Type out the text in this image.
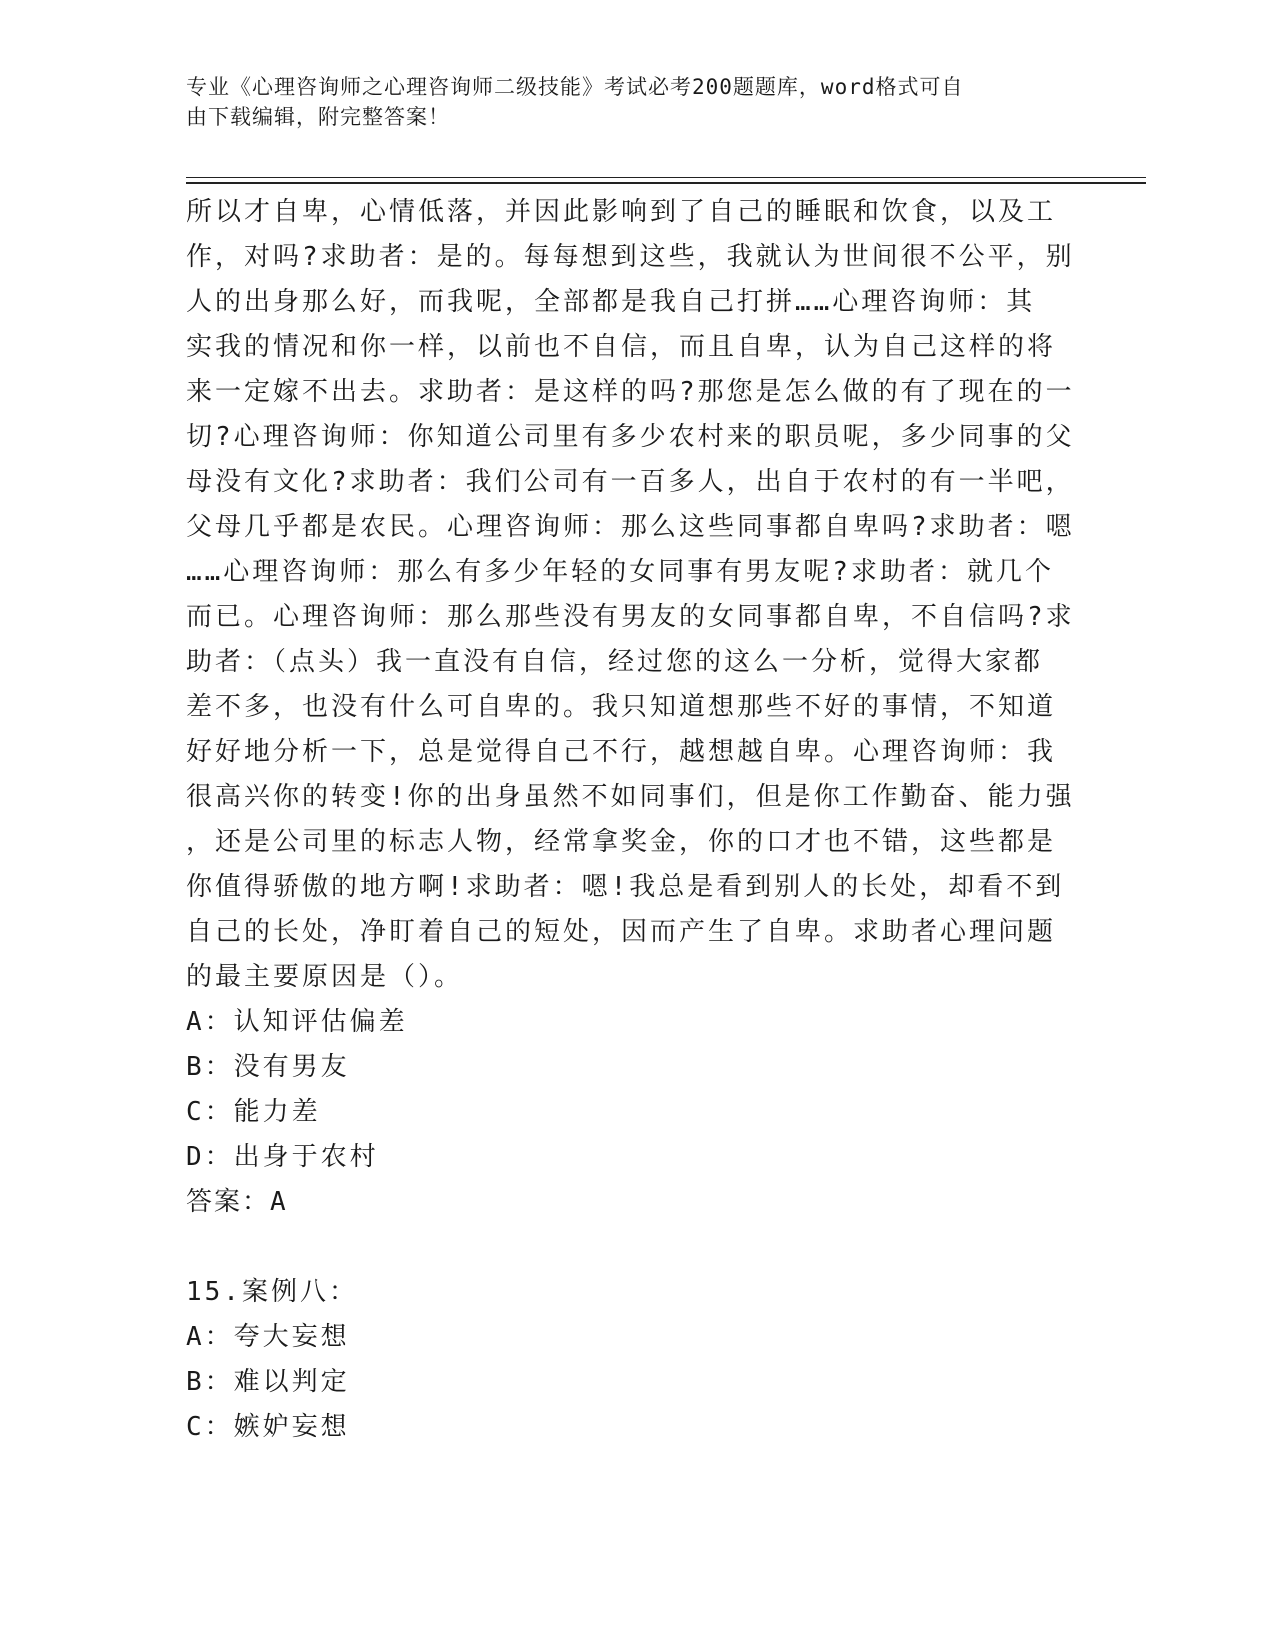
专业《心理咨询师之心理咨询师二级技能》考试必考200题题库，word格式可自
由下载编辑，附完整答案！
所以才自卑，心情低落，并因此影响到了自己的睡眠和饮食，以及工
作，对吗?求助者：是的。每每想到这些，我就认为世间很不公平，别
人的出身那么好，而我呢，全部都是我自己打拼……心理咨询师：其
实我的情况和你一样，以前也不自信，而且自卑，认为自己这样的将
来一定嫁不出去。求助者：是这样的吗?那您是怎么做的有了现在的一
切?心理咨询师：你知道公司里有多少农村来的职员呢，多少同事的父
母没有文化?求助者：我们公司有一百多人，出自于农村的有一半吧，
父母几乎都是农民。心理咨询师：那么这些同事都自卑吗?求助者：嗯
……心理咨询师：那么有多少年轻的女同事有男友呢?求助者：就几个
而已。心理咨询师：那么那些没有男友的女同事都自卑，不自信吗?求
助者：（点头）我一直没有自信，经过您的这么一分析，觉得大家都
差不多，也没有什么可自卑的。我只知道想那些不好的事情，不知道
好好地分析一下，总是觉得自己不行，越想越自卑。心理咨询师：我
很高兴你的转变!你的出身虽然不如同事们，但是你工作勤奋、能力强
，还是公司里的标志人物，经常拿奖金，你的口才也不错，这些都是
你值得骄傲的地方啊!求助者：嗯!我总是看到别人的长处，却看不到
自己的长处，净盯着自己的短处，因而产生了自卑。求助者心理问题
的最主要原因是（）。
A：认知评估偏差
B：没有男友
C：能力差
D：出身于农村
答案：A
15.案例八：
A：夸大妄想
B：难以判定
C：嫉妒妄想
